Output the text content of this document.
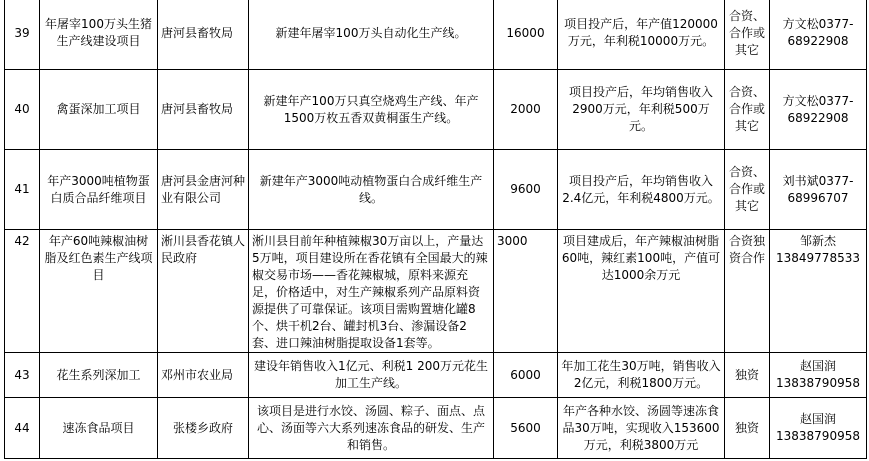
39	年屠宰100万头生猪生产线建设项目	唐河县畜牧局	新建年屠宰100万头自动化生产线。	16000	项目投产后，年产值120000万元，年利税10000万元。	合资、合作或其它	方文松0377-68922908
40	禽蛋深加工项目	唐河县畜牧局	新建年产100万只真空烧鸡生产线、年产1500万枚五香双黄桐蛋生产线。	2000	项目投产后，年均销售收入2900万元，年利税500万元。	合资、合作或其它	方文松0377-68922908
41	年产3000吨植物蛋白质合品纤维项目	唐河县金唐河种业有限公司	新建年产3000吨动植物蛋白合成纤维生产线。	9600	项目投产后，年均销售收入2.4亿元，年利税4800万元。	合资、合作或其它	刘书斌0377-68996707
42	年产60吨辣椒油树脂及红色素生产线项目	淅川县香花镇人民政府	淅川县目前年种植辣椒30万亩以上，产量达5万吨，项目建设所在香花镇有全国最大的辣椒交易市场——香花辣椒城，原料来源充足，价格适中，对生产辣椒系列产品原料资源提供了可靠保证。该项目需购置塘化罐8个、烘干机2台、罐封机3台、渗漏设备2套、进口辣油树脂提取设备1套等。	3000	项目建成后，年产辣椒油树脂60吨，辣红素100吨，产值可达1000余万元	合资独资合作	邹新杰13849778533
43	花生系列深加工	邓州市农业局	建设年销售收入1亿元、利税1 200万元花生加工生产线。	6000	年加工花生30万吨，销售收入2亿元，利税1800万元。	独资	赵国润13838790958
44	速冻食品项目	张楼乡政府	该项目是进行水饺、汤圆、粽子、面点、点心、汤面等六大系列速冻食品的研发、生产和销售。	5600	年产各种水饺、汤圆等速冻食品30万吨，实现收入153600万元，利税3800万元	独资	赵国润13838790958
